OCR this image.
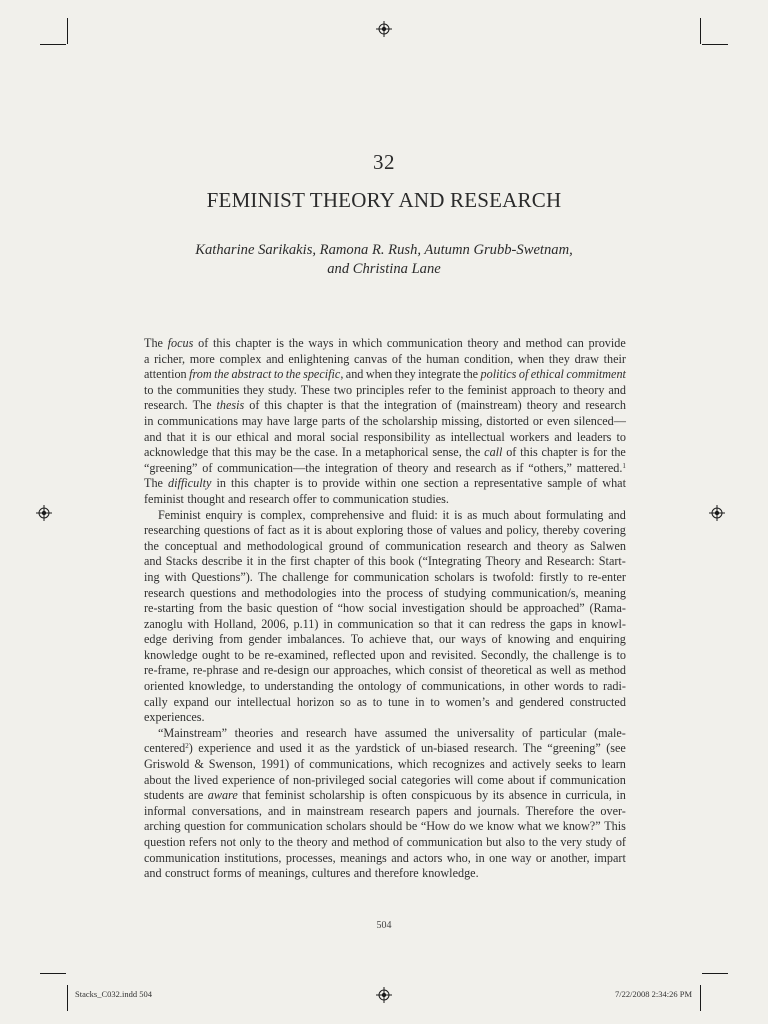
32
FEMINIST THEORY AND RESEARCH
Katharine Sarikakis, Ramona R. Rush, Autumn Grubb-Swetnam,
and Christina Lane
The focus of this chapter is the ways in which communication theory and method can provide
a richer, more complex and enlightening canvas of the human condition, when they draw their
attention from the abstract to the specific, and when they integrate the politics of ethical commitment
to the communities they study. These two principles refer to the feminist approach to theory and
research. The thesis of this chapter is that the integration of (mainstream) theory and research
in communications may have large parts of the scholarship missing, distorted or even silenced—
and that it is our ethical and moral social responsibility as intellectual workers and leaders to
acknowledge that this may be the case. In a metaphorical sense, the call of this chapter is for the
“greening” of communication—the integration of theory and research as if “others,” mattered.$^1$
The difficulty in this chapter is to provide within one section a representative sample of what
feminist thought and research offer to communication studies.
Feminist enquiry is complex, comprehensive and fluid: it is as much about formulating and
researching questions of fact as it is about exploring those of values and policy, thereby covering
the conceptual and methodological ground of communication research and theory as Salwen
and Stacks describe it in the first chapter of this book (“Integrating Theory and Research: Start-
ing with Questions”). The challenge for communication scholars is twofold: firstly to re-enter
research questions and methodologies into the process of studying communication/s, meaning
re-starting from the basic question of “how social investigation should be approached” (Rama-
zanoglu with Holland, 2006, p.11) in communication so that it can redress the gaps in knowl-
edge deriving from gender imbalances. To achieve that, our ways of knowing and enquiring
knowledge ought to be re-examined, reflected upon and revisited. Secondly, the challenge is to
re-frame, re-phrase and re-design our approaches, which consist of theoretical as well as method
oriented knowledge, to understanding the ontology of communications, in other words to radi-
cally expand our intellectual horizon so as to tune in to women’s and gendered constructed
experiences.
“Mainstream” theories and research have assumed the universality of particular (male-
centered$^2$) experience and used it as the yardstick of un-biased research. The “greening” (see
Griswold & Swenson, 1991) of communications, which recognizes and actively seeks to learn
about the lived experience of non-privileged social categories will come about if communication
students are aware that feminist scholarship is often conspicuous by its absence in curricula, in
informal conversations, and in mainstream research papers and journals. Therefore the over-
arching question for communication scholars should be “How do we know what we know?” This
question refers not only to the theory and method of communication but also to the very study of
communication institutions, processes, meanings and actors who, in one way or another, impart
and construct forms of meanings, cultures and therefore knowledge.
504
Stacks_C032.indd 504	7/22/2008 2:34:26 PM
